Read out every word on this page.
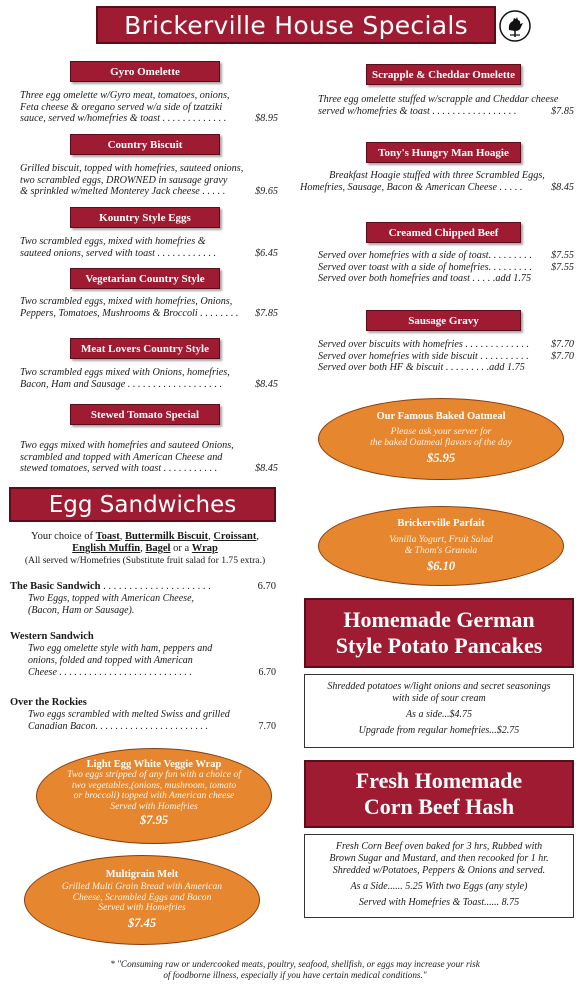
Brickerville House Specials
Gyro Omelette
Three egg omelette w/Gyro meat, tomatoes, onions,
Feta cheese & oregano served w/a side of tzatziki
sauce, served w/homefries & toast . . . . . . . . . . . . .	$8.95
Country Biscuit
Grilled biscuit, topped with homefries, sauteed onions,
two scrambled eggs, DROWNED in sausage gravy
& sprinkled w/melted Monterey Jack cheese . . . . .	$9.65
Kountry Style Eggs
Two scrambled eggs, mixed with homefries &
sauteed onions, served with toast . . . . . . . . . . . .	$6.45
Vegetarian Country Style
Two scrambled eggs, mixed with homefries, Onions,
Peppers, Tomatoes, Mushrooms & Broccoli . . . . . . . . $7.85
Meat Lovers Country Style
Two scrambled eggs mixed with Onions, homefries,
Bacon, Ham and Sausage . . . . . . . . . . . . . . . . . . .	$8.45
Stewed Tomato Special
Two eggs mixed with homefries and sauteed Onions,
scrambled and topped with American Cheese and
stewed tomatoes, served with toast . . . . . . . . . . .	$8.45
Scrapple & Cheddar Omelette
Three egg omelette stuffed w/scrapple and Cheddar cheese
served w/homefries & toast . . . . . . . . . . . . . . . . .	$7.85
Tony's Hungry Man Hoagie
Breakfast Hoagie stuffed with three Scrambled Eggs,
Homefries, Sausage, Bacon & American Cheese . . . . .	$8.45
Creamed Chipped Beef
Served over homefries with a side of toast. . . . . . . . . $7.55
Served over toast with a side of homefries. . . . . . . . . $7.55
Served over both homefries and toast . . . . .add 1.75
Sausage Gravy
Served over biscuits with homefries . . . . . . . . . . . . . $7.70
Served over homefries with side biscuit . . . . . . . . . . $7.70
Served over both HF & biscuit . . . . . . . . .add 1.75
Our Famous Baked Oatmeal
Please ask your server for
the baked Oatmeal flavors of the day
$5.95
Brickerville Parfait
Vanilla Yogurt, Fruit Salad
& Thom's Granola
$6.10
Egg Sandwiches
Your choice of Toast, Buttermilk Biscuit, Croissant,
English Muffin, Bagel or a Wrap
(All served w/Homefries (Substitute fruit salad for 1.75 extra.)
The Basic Sandwich . . . . . . . . . . . . . . . . . . . . .	6.70
Two Eggs, topped with American Cheese,
(Bacon, Ham or Sausage).
Western Sandwich
Two egg omelette style with ham, peppers and
onions, folded and topped with American
Cheese . . . . . . . . . . . . . . . . . . . . . . . . . . .	6.70
Over the Rockies
Two eggs scrambled with melted Swiss and grilled
Canadian Bacon. . . . . . . . . . . . . . . . . . . . . . .	7.70
Light Egg White Veggie Wrap
Two eggs stripped of any fun with a choice of
two vegetables,(onions, mushroom, tomato
or broccoli) topped with American cheese
Served with Homefries
$7.95
Multigrain Melt
Grilled Multi Grain Bread with American
Cheese, Scrambled Eggs and Bacon
Served with Homefries
$7.45
Homemade German
Style Potato Pancakes
Shredded potatoes w/light onions and secret seasonings
with side of sour cream
As a side...$4.75
Upgrade from regular homefries...$2.75
Fresh Homemade
Corn Beef Hash
Fresh Corn Beef oven baked for 3 hrs, Rubbed with
Brown Sugar and Mustard, and then recooked for 1 hr.
Shredded w/Potatoes, Peppers & Onions and served.
As a Side...... 5.25 With two Eggs (any style)
Served with Homefries & Toast...... 8.75
* "Consuming raw or undercooked meats, poultry, seafood, shellfish, or eggs may increase your risk
of foodborne illness, especially if you have certain medical conditions."
